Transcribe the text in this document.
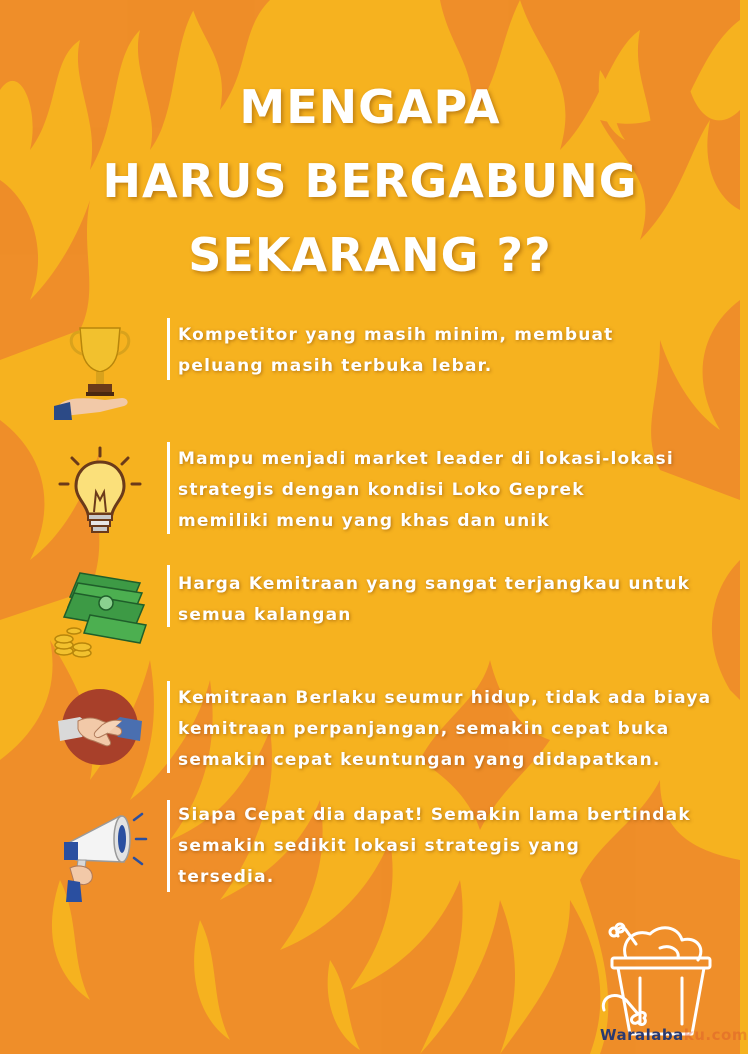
MENGAPA
HARUS BERGABUNG
SEKARANG ??
Kompetitor yang masih minim, membuat
peluang masih terbuka lebar.
Mampu menjadi market leader di lokasi-lokasi
strategis dengan kondisi Loko Geprek
memiliki menu yang khas dan unik
Harga Kemitraan yang sangat terjangkau untuk
semua kalangan
Kemitraan Berlaku seumur hidup, tidak ada biaya
kemitraan perpanjangan, semakin cepat buka
semakin cepat keuntungan yang didapatkan.
Siapa Cepat dia dapat! Semakin lama bertindak
semakin sedikit lokasi strategis yang
tersedia.
Waralabaku.com
